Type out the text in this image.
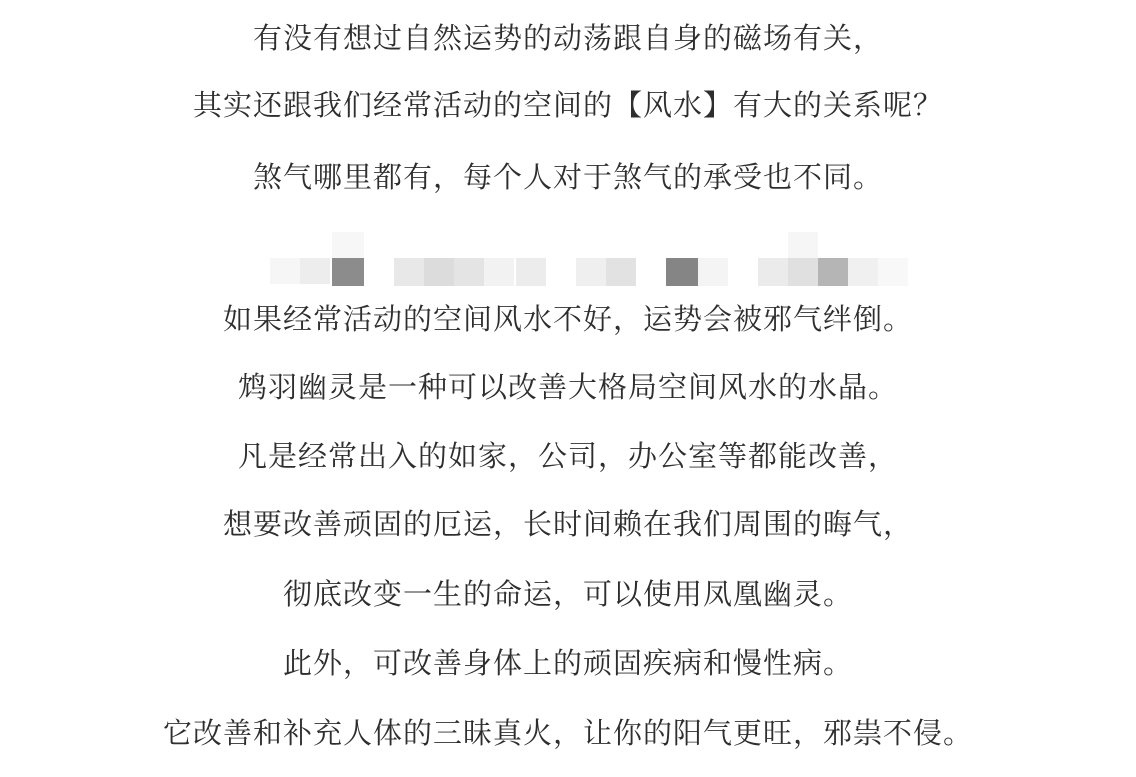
有没有想过自然运势的动荡跟自身的磁场有关，
其实还跟我们经常活动的空间的【风水】有大的关系呢？
煞气哪里都有，每个人对于煞气的承受也不同。
如果经常活动的空间风水不好，运势会被邪气绊倒。
鸩羽幽灵是一种可以改善大格局空间风水的水晶。
凡是经常出入的如家，公司，办公室等都能改善，
想要改善顽固的厄运，长时间赖在我们周围的晦气，
彻底改变一生的命运，可以使用凤凰幽灵。
此外，可改善身体上的顽固疾病和慢性病。
它改善和补充人体的三昧真火，让你的阳气更旺，邪祟不侵。
